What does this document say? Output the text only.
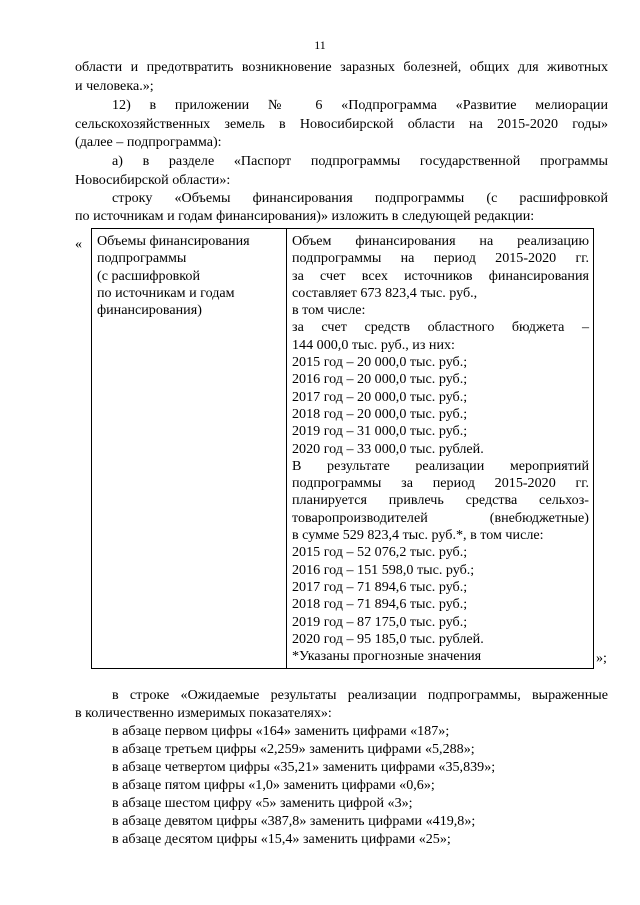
11
области и предотвратить возникновение заразных болезней, общих для животных
и человека.»;
12) в приложении № 6 «Подпрограмма «Развитие мелиорации
сельскохозяйственных земель в Новосибирской области на 2015-2020 годы»
(далее – подпрограмма):
а) в разделе «Паспорт подпрограммы государственной программы
Новосибирской области»:
строку «Объемы финансирования подпрограммы (с расшифровкой
по источникам и годам финансирования)» изложить в следующей редакции:
« Объемы финансирования
подпрограммы
(с расшифровкой
по источникам и годам
финансирования)
Объем финансирования на реализацию
подпрограммы на период 2015-2020 гг.
за счет всех источников финансирования
составляет 673 823,4 тыс. руб.,
в том числе:
за счет средств областного бюджета –
144 000,0 тыс. руб., из них:
2015 год – 20 000,0 тыс. руб.;
2016 год – 20 000,0 тыс. руб.;
2017 год – 20 000,0 тыс. руб.;
2018 год – 20 000,0 тыс. руб.;
2019 год – 31 000,0 тыс. руб.;
2020 год – 33 000,0 тыс. рублей.
В результате реализации мероприятий
подпрограммы за период 2015-2020 гг.
планируется привлечь средства сельхоз-
товаропроизводителей (внебюджетные)
в сумме 529 823,4 тыс. руб.*, в том числе:
2015 год – 52 076,2 тыс. руб.;
2016 год – 151 598,0 тыс. руб.;
2017 год – 71 894,6 тыс. руб.;
2018 год – 71 894,6 тыс. руб.;
2019 год – 87 175,0 тыс. руб.;
2020 год – 95 185,0 тыс. рублей.
*Указаны прогнозные значения	»;
в строке «Ожидаемые результаты реализации подпрограммы, выраженные
в количественно измеримых показателях»:
в абзаце первом цифры «164» заменить цифрами «187»;
в абзаце третьем цифры «2,259» заменить цифрами «5,288»;
в абзаце четвертом цифры «35,21» заменить цифрами «35,839»;
в абзаце пятом цифры «1,0» заменить цифрами «0,6»;
в абзаце шестом цифру «5» заменить цифрой «3»;
в абзаце девятом цифры «387,8» заменить цифрами «419,8»;
в абзаце десятом цифры «15,4» заменить цифрами «25»;
